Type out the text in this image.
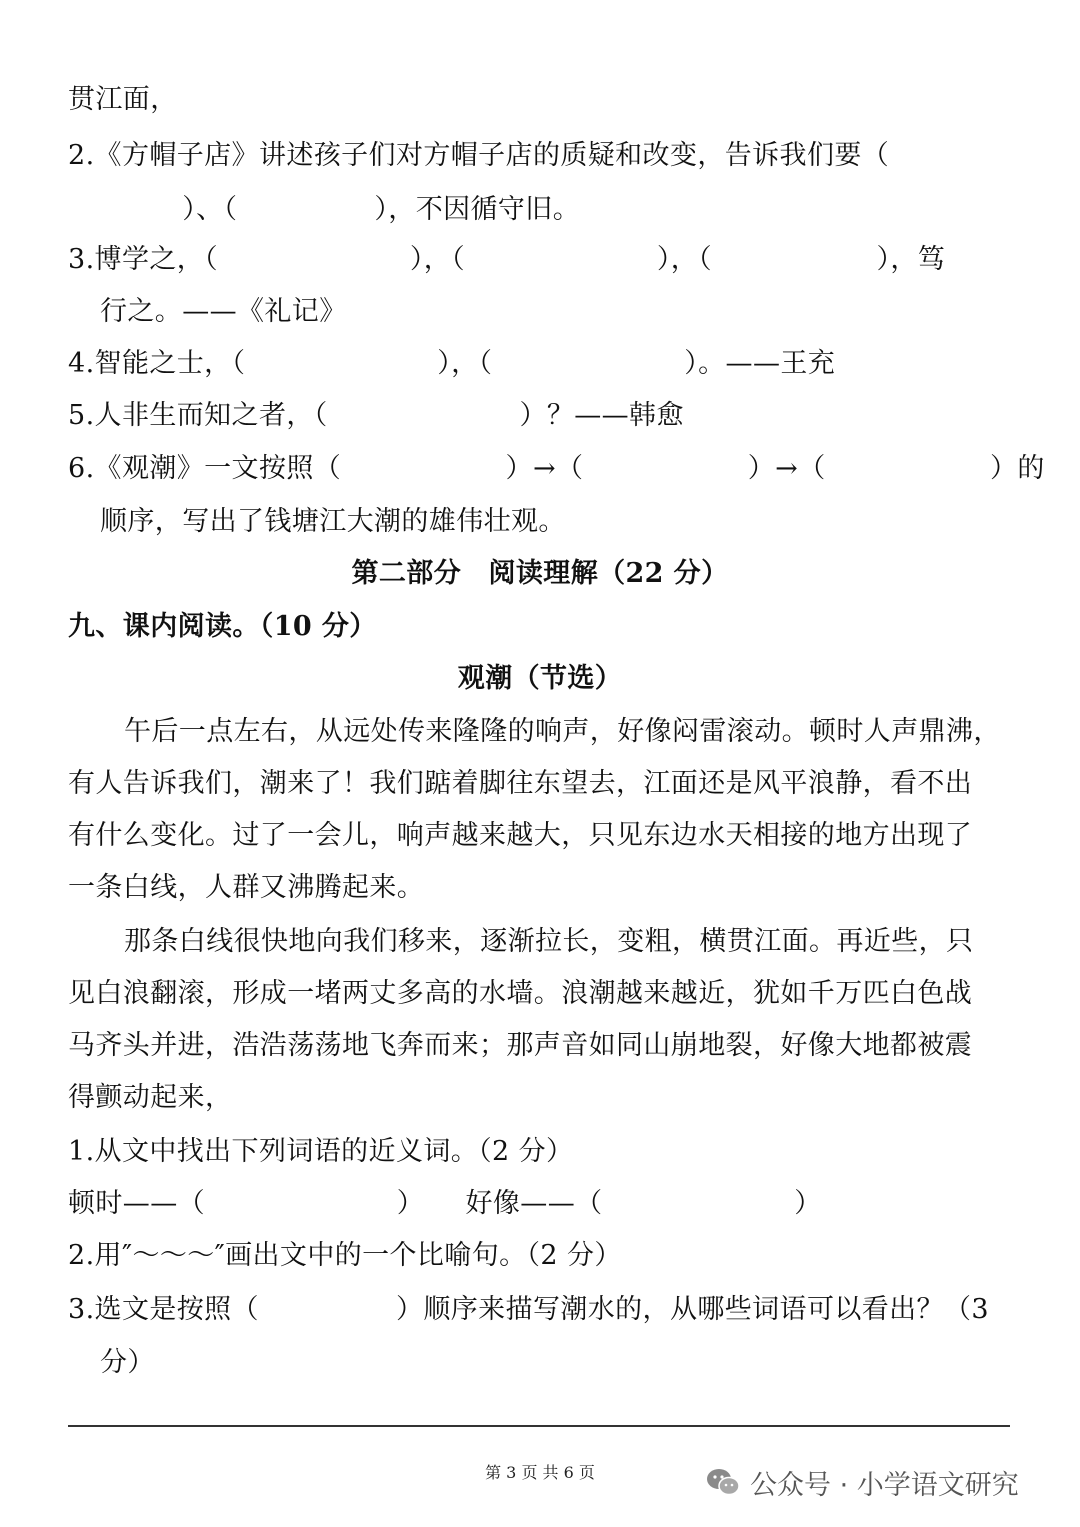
贯江面，
2.《方帽子店》讲述孩子们对方帽子店的质疑和改变，告诉我们要（
　　　）、（　　　　　），不因循守旧。
3.博学之，（　　　　　　　），（　　　　　　　），（　　　　　　），笃
行之。——《礼记》
4.智能之士，（　　　　　　　），（　　　　　　　）。——王充
5.人非生而知之者，（　　　　　　　）？——韩愈
6.《观潮》一文按照（　　　　　　）→（　　　　　　）→（　　　　　　）的
顺序，写出了钱塘江大潮的雄伟壮观。
第二部分　阅读理解（22 分）
九、课内阅读。（10 分）
观潮（节选）
午后一点左右，从远处传来隆隆的响声，好像闷雷滚动。顿时人声鼎沸，
有人告诉我们，潮来了！我们踮着脚往东望去，江面还是风平浪静，看不出
有什么变化。过了一会儿，响声越来越大，只见东边水天相接的地方出现了
一条白线，人群又沸腾起来。
那条白线很快地向我们移来，逐渐拉长，变粗，横贯江面。再近些，只
见白浪翻滚，形成一堵两丈多高的水墙。浪潮越来越近，犹如千万匹白色战
马齐头并进，浩浩荡荡地飞奔而来；那声音如同山崩地裂，好像大地都被震
得颤动起来，
1.从文中找出下列词语的近义词。（2 分）
顿时——（　　　　　　　）　　好像——（　　　　　　　）
2.用″～～～″画出文中的一个比喻句。（2 分）
3.选文是按照（　　　　　）顺序来描写潮水的，从哪些词语可以看出？（3
分）
第 3 页 共 6 页	公众号 · 小学语文研究
